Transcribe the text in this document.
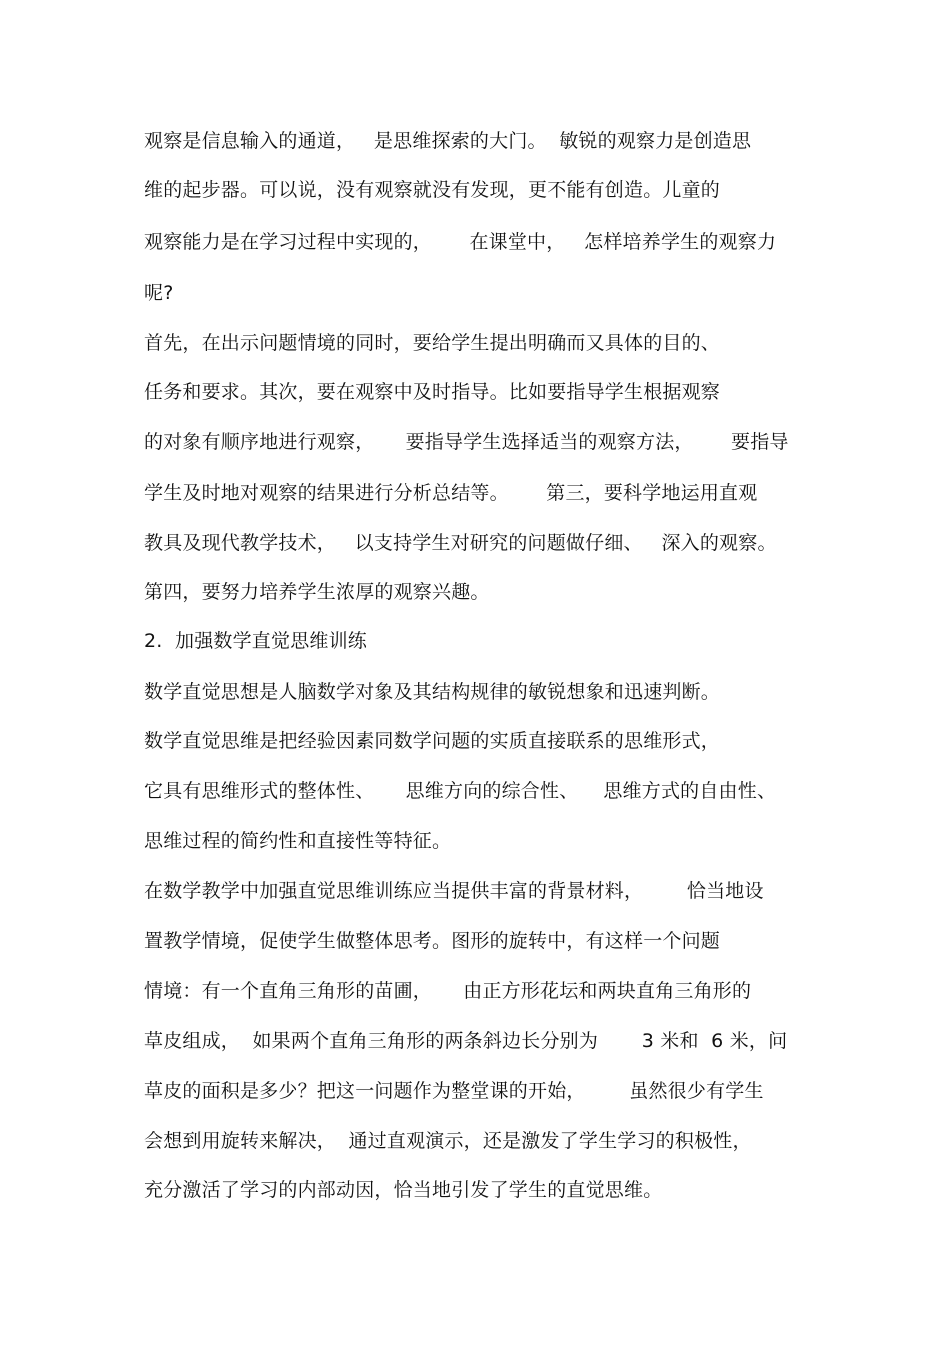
观察是信息输入的通道，   是思维探索的大门。  敏锐的观察力是创造思
维的起步器。可以说，没有观察就没有发现，更不能有创造。儿童的
观察能力是在学习过程中实现的，      在课堂中，   怎样培养学生的观察力
呢?
首先，在出示问题情境的同时，要给学生提出明确而又具体的目的、
任务和要求。其次，要在观察中及时指导。比如要指导学生根据观察
的对象有顺序地进行观察，     要指导学生选择适当的观察方法，      要指导
学生及时地对观察的结果进行分析总结等。      第三，要科学地运用直观
教具及现代教学技术，   以支持学生对研究的问题做仔细、   深入的观察。
第四，要努力培养学生浓厚的观察兴趣。
2.  加强数学直觉思维训练
数学直觉思想是人脑数学对象及其结构规律的敏锐想象和迅速判断。
数学直觉思维是把经验因素同数学问题的实质直接联系的思维形式，
它具有思维形式的整体性、     思维方向的综合性、    思维方式的自由性、
思维过程的简约性和直接性等特征。
在数学教学中加强直觉思维训练应当提供丰富的背景材料，       恰当地设
置教学情境，促使学生做整体思考。图形的旋转中，有这样一个问题
情境：有一个直角三角形的苗圃，     由正方形花坛和两块直角三角形的
草皮组成，  如果两个直角三角形的两条斜边长分别为       3 米和  6 米，问
草皮的面积是多少？把这一问题作为整堂课的开始，       虽然很少有学生
会想到用旋转来解决，  通过直观演示，还是激发了学生学习的积极性，
充分激活了学习的内部动因，恰当地引发了学生的直觉思维。
